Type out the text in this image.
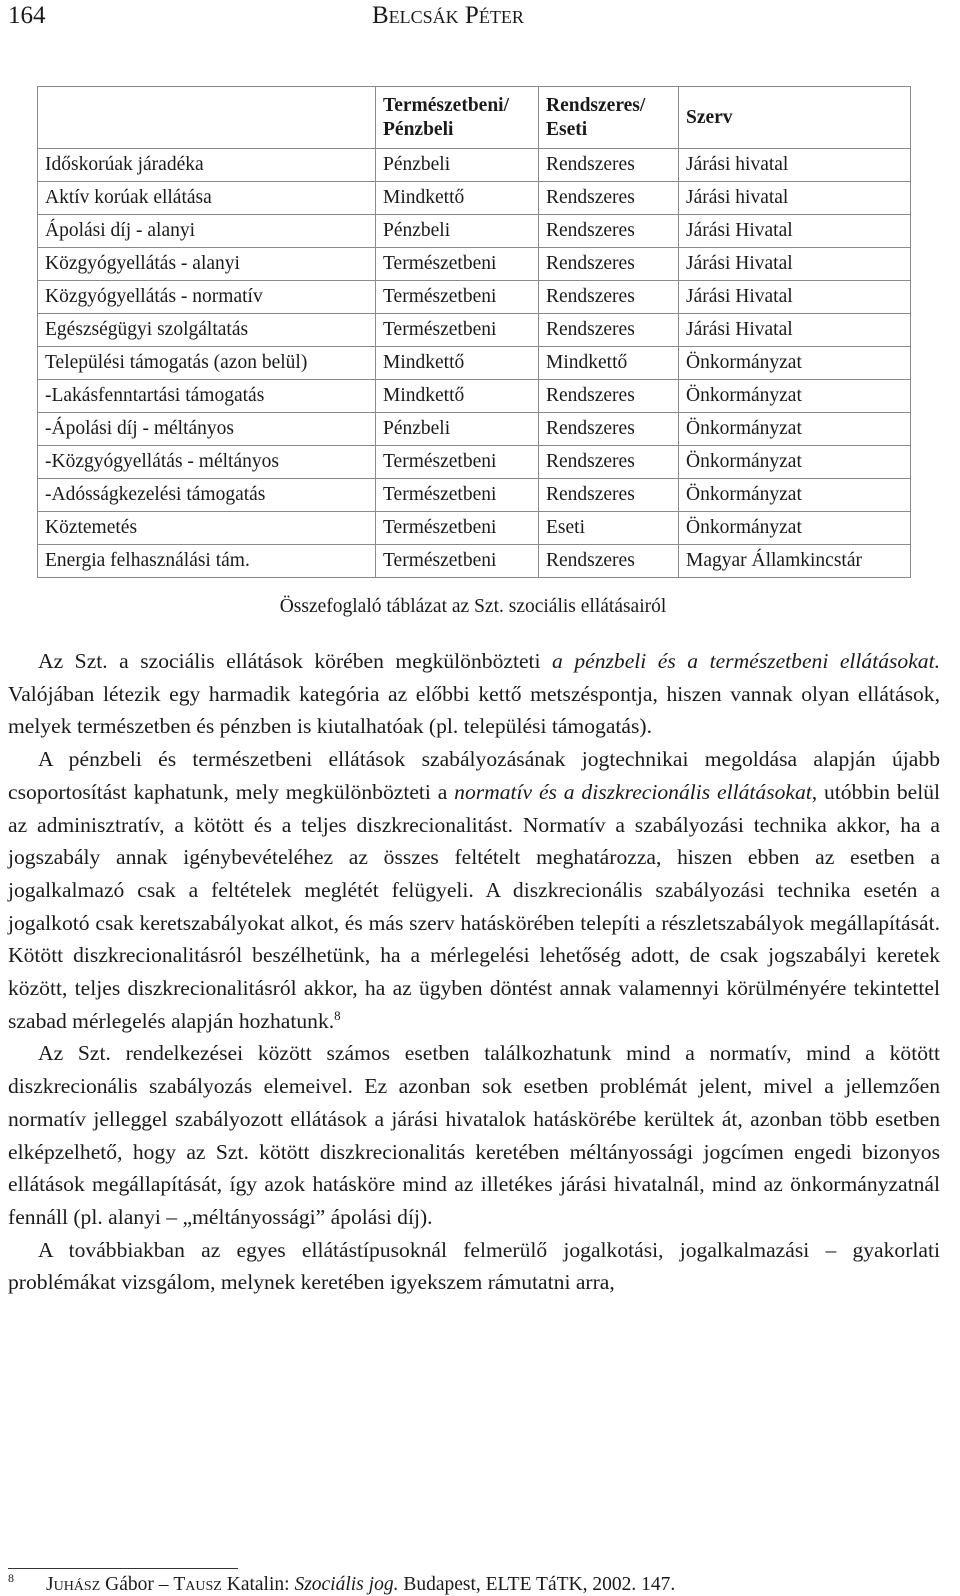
164	Belcsák Péter
	Természetbeni/ Pénzbeli	Rendszeres/ Eseti	Szerv
Időskorúak járadéka	Pénzbeli	Rendszeres	Járási hivatal
Aktív korúak ellátása	Mindkettő	Rendszeres	Járási hivatal
Ápolási díj - alanyi	Pénzbeli	Rendszeres	Járási Hivatal
Közgyógyellátás - alanyi	Természetbeni	Rendszeres	Járási Hivatal
Közgyógyellátás - normatív	Természetbeni	Rendszeres	Járási Hivatal
Egészségügyi szolgáltatás	Természetbeni	Rendszeres	Járási Hivatal
Települési támogatás (azon belül)	Mindkettő	Mindkettő	Önkormányzat
-Lakásfenntartási támogatás	Mindkettő	Rendszeres	Önkormányzat
-Ápolási díj - méltányos	Pénzbeli	Rendszeres	Önkormányzat
-Közgyógyellátás - méltányos	Természetbeni	Rendszeres	Önkormányzat
-Adósságkezelési támogatás	Természetbeni	Rendszeres	Önkormányzat
Köztemetés	Természetbeni	Eseti	Önkormányzat
Energia felhasználási tám.	Természetbeni	Rendszeres	Magyar Államkincstár
Összefoglaló táblázat az Szt. szociális ellátásairól

Az Szt. a szociális ellátások körében megkülönbözteti a pénzbeli és a természetbeni ellátásokat. Valójában létezik egy harmadik kategória az előbbi kettő metszéspontja, hiszen vannak olyan ellátások, melyek természetben és pénzben is kiutalhatóak (pl. települési támogatás).

A pénzbeli és természetbeni ellátások szabályozásának jogtechnikai megoldása alapján újabb csoportosítást kaphatunk, mely megkülönbözteti a normatív és a diszkrecionális ellátásokat, utóbbin belül az adminisztratív, a kötött és a teljes diszkrecionalitást. Normatív a szabályozási technika akkor, ha a jogszabály annak igénybevételéhez az összes feltételt meghatározza, hiszen ebben az esetben a jogalkalmazó csak a feltételek meglétét felügyeli. A diszkrecionális szabályozási technika esetén a jogalkotó csak keretszabályokat alkot, és más szerv hatáskörében telepíti a részletszabályok megállapítását. Kötött diszkrecionalitásról beszélhetünk, ha a mérlegelési lehetőség adott, de csak jogszabályi keretek között, teljes diszkrecionalitásról akkor, ha az ügyben döntést annak valamennyi körülményére tekintettel szabad mérlegelés alapján hozhatunk.$^8$

Az Szt. rendelkezései között számos esetben találkozhatunk mind a normatív, mind a kötött diszkrecionális szabályozás elemeivel. Ez azonban sok esetben problémát jelent, mivel a jellemzően normatív jelleggel szabályozott ellátások a járási hivatalok hatáskörébe kerültek át, azonban több esetben elképzelhető, hogy az Szt. kötött diszkrecionalitás keretében méltányossági jogcímen engedi bizonyos ellátások megállapítását, így azok hatásköre mind az illetékes járási hivatalnál, mind az önkormányzatnál fennáll (pl. alanyi – „méltányossági” ápolási díj).

A továbbiakban az egyes ellátástípusoknál felmerülő jogalkotási, jogalkalmazási – gyakorlati problémákat vizsgálom, melynek keretében igyekszem rámutatni arra,

8 Juhász Gábor – Tausz Katalin: Szociális jog. Budapest, ELTE TáTK, 2002. 147.
